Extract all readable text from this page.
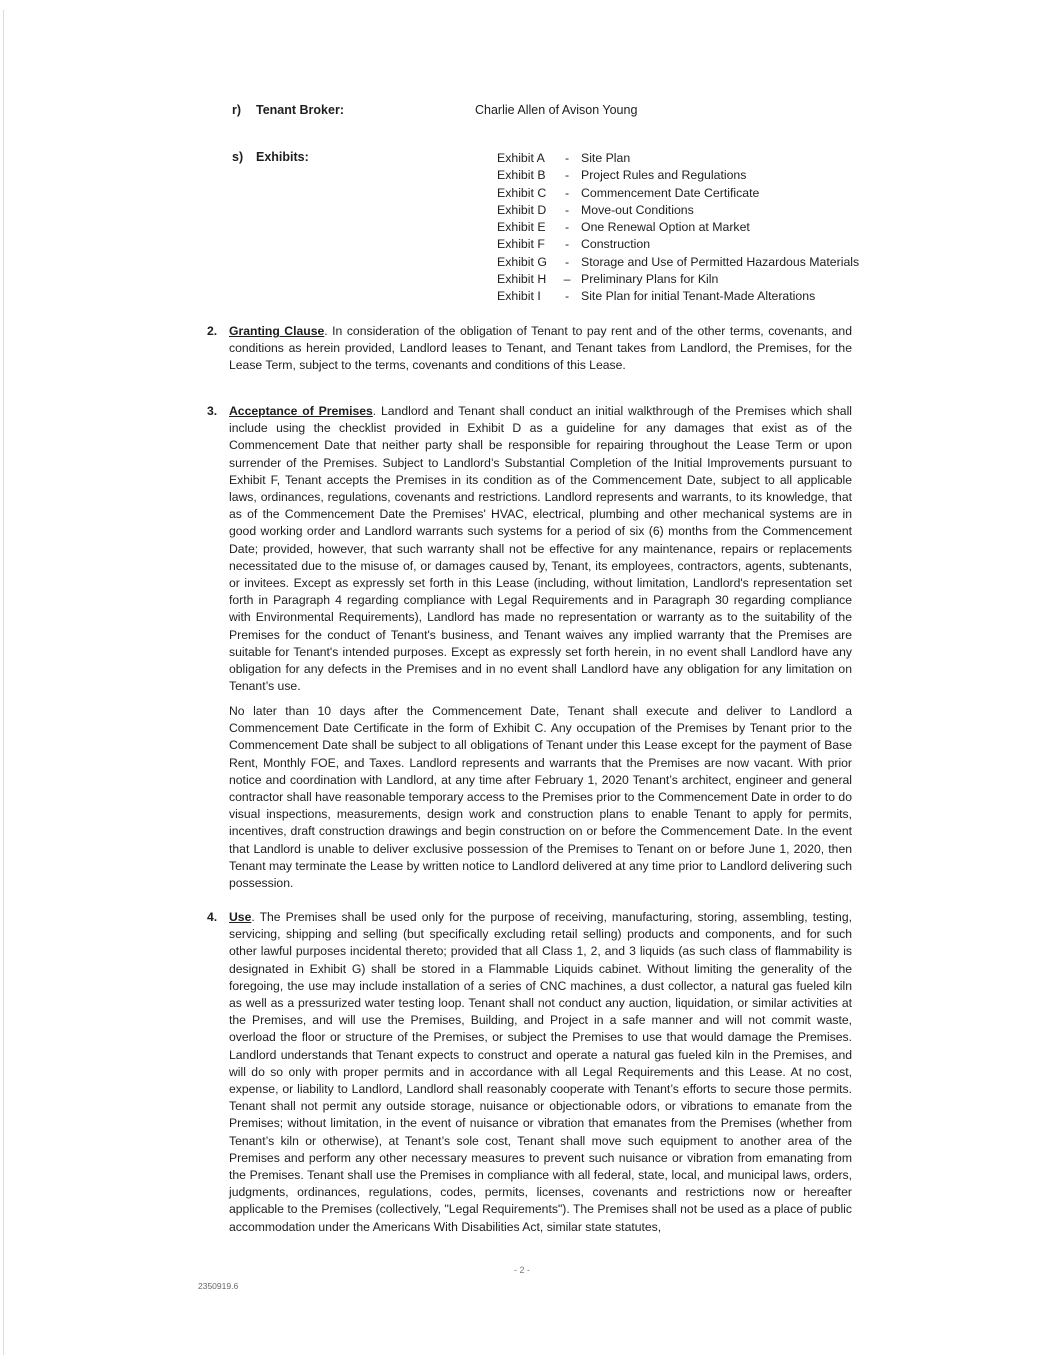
r) Tenant Broker:	Charlie Allen of Avison Young
s) Exhibits:	Exhibit A	- Site Plan
Exhibit B	- Project Rules and Regulations
Exhibit C	- Commencement Date Certificate
Exhibit D	- Move-out Conditions
Exhibit E	- One Renewal Option at Market
Exhibit F	- Construction
Exhibit G	- Storage and Use of Permitted Hazardous Materials
Exhibit H	– Preliminary Plans for Kiln
Exhibit I	- Site Plan for initial Tenant-Made Alterations
2. Granting Clause. In consideration of the obligation of Tenant to pay rent and of the other terms, covenants, and conditions as herein provided, Landlord leases to Tenant, and Tenant takes from Landlord, the Premises, for the Lease Term, subject to the terms, covenants and conditions of this Lease.
3. Acceptance of Premises. Landlord and Tenant shall conduct an initial walkthrough of the Premises which shall include using the checklist provided in Exhibit D as a guideline for any damages that exist as of the Commencement Date that neither party shall be responsible for repairing throughout the Lease Term or upon surrender of the Premises. Subject to Landlord’s Substantial Completion of the Initial Improvements pursuant to Exhibit F, Tenant accepts the Premises in its condition as of the Commencement Date, subject to all applicable laws, ordinances, regulations, covenants and restrictions. Landlord represents and warrants, to its knowledge, that as of the Commencement Date the Premises' HVAC, electrical, plumbing and other mechanical systems are in good working order and Landlord warrants such systems for a period of six (6) months from the Commencement Date; provided, however, that such warranty shall not be effective for any maintenance, repairs or replacements necessitated due to the misuse of, or damages caused by, Tenant, its employees, contractors, agents, subtenants, or invitees. Except as expressly set forth in this Lease (including, without limitation, Landlord's representation set forth in Paragraph 4 regarding compliance with Legal Requirements and in Paragraph 30 regarding compliance with Environmental Requirements), Landlord has made no representation or warranty as to the suitability of the Premises for the conduct of Tenant's business, and Tenant waives any implied warranty that the Premises are suitable for Tenant's intended purposes. Except as expressly set forth herein, in no event shall Landlord have any obligation for any defects in the Premises and in no event shall Landlord have any obligation for any limitation on Tenant’s use.
No later than 10 days after the Commencement Date, Tenant shall execute and deliver to Landlord a Commencement Date Certificate in the form of Exhibit C. Any occupation of the Premises by Tenant prior to the Commencement Date shall be subject to all obligations of Tenant under this Lease except for the payment of Base Rent, Monthly FOE, and Taxes. Landlord represents and warrants that the Premises are now vacant. With prior notice and coordination with Landlord, at any time after February 1, 2020 Tenant’s architect, engineer and general contractor shall have reasonable temporary access to the Premises prior to the Commencement Date in order to do visual inspections, measurements, design work and construction plans to enable Tenant to apply for permits, incentives, draft construction drawings and begin construction on or before the Commencement Date. In the event that Landlord is unable to deliver exclusive possession of the Premises to Tenant on or before June 1, 2020, then Tenant may terminate the Lease by written notice to Landlord delivered at any time prior to Landlord delivering such possession.
4. Use. The Premises shall be used only for the purpose of receiving, manufacturing, storing, assembling, testing, servicing, shipping and selling (but specifically excluding retail selling) products and components, and for such other lawful purposes incidental thereto; provided that all Class 1, 2, and 3 liquids (as such class of flammability is designated in Exhibit G) shall be stored in a Flammable Liquids cabinet. Without limiting the generality of the foregoing, the use may include installation of a series of CNC machines, a dust collector, a natural gas fueled kiln as well as a pressurized water testing loop. Tenant shall not conduct any auction, liquidation, or similar activities at the Premises, and will use the Premises, Building, and Project in a safe manner and will not commit waste, overload the floor or structure of the Premises, or subject the Premises to use that would damage the Premises. Landlord understands that Tenant expects to construct and operate a natural gas fueled kiln in the Premises, and will do so only with proper permits and in accordance with all Legal Requirements and this Lease. At no cost, expense, or liability to Landlord, Landlord shall reasonably cooperate with Tenant’s efforts to secure those permits. Tenant shall not permit any outside storage, nuisance or objectionable odors, or vibrations to emanate from the Premises; without limitation, in the event of nuisance or vibration that emanates from the Premises (whether from Tenant’s kiln or otherwise), at Tenant’s sole cost, Tenant shall move such equipment to another area of the Premises and perform any other necessary measures to prevent such nuisance or vibration from emanating from the Premises. Tenant shall use the Premises in compliance with all federal, state, local, and municipal laws, orders, judgments, ordinances, regulations, codes, permits, licenses, covenants and restrictions now or hereafter applicable to the Premises (collectively, "Legal Requirements"). The Premises shall not be used as a place of public accommodation under the Americans With Disabilities Act, similar state statutes,
- 2 -
2350919.6
